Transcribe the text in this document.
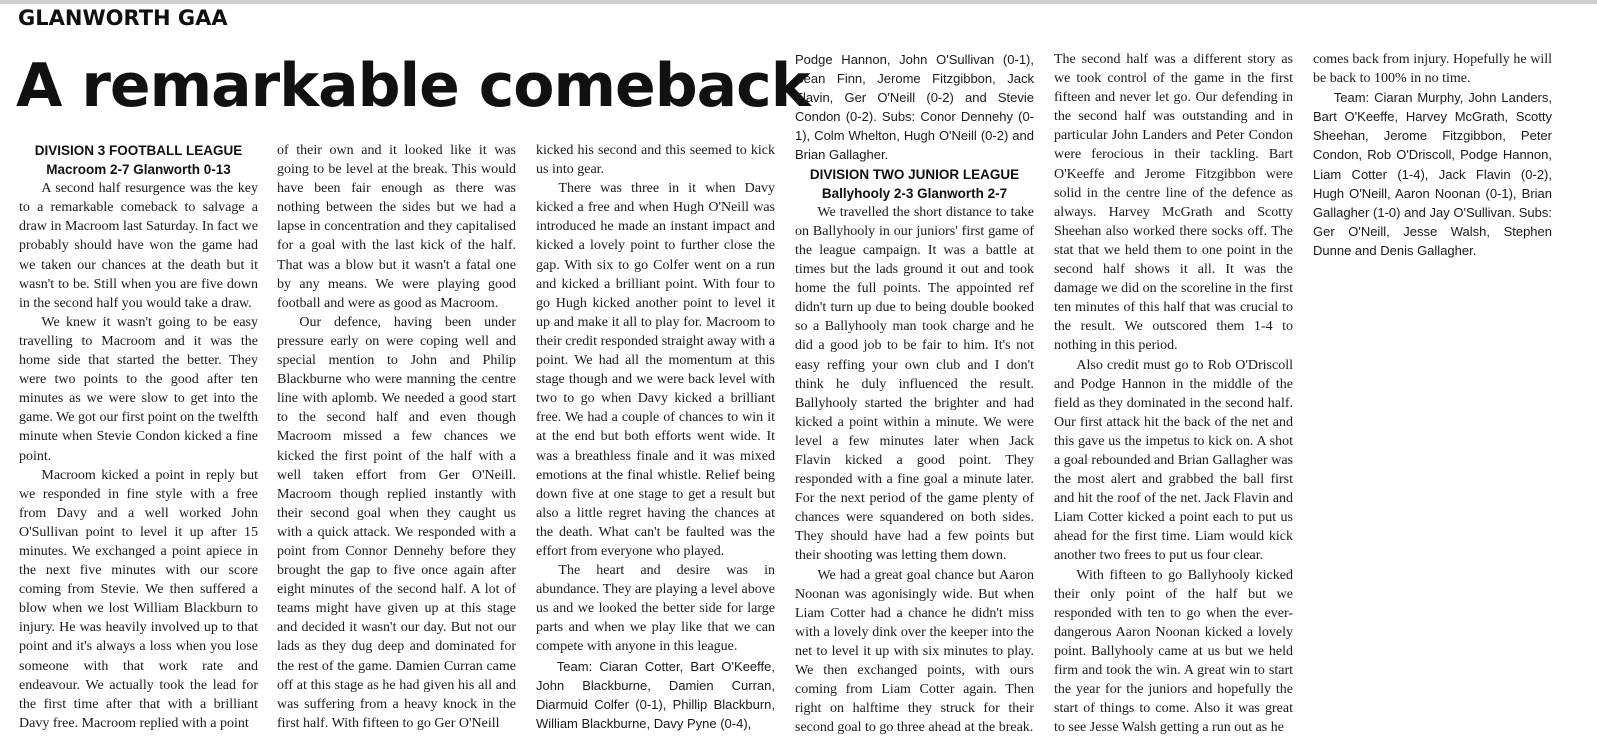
GLANWORTH GAA
A remarkable comeback
DIVISION 3 FOOTBALL LEAGUE
Macroom 2-7 Glanworth 0-13

A second half resurgence was the key to a remarkable comeback to salvage a draw in Macroom last Saturday. In fact we probably should have won the game had we taken our chances at the death but it wasn't to be. Still when you are five down in the second half you would take a draw.

We knew it wasn't going to be easy travelling to Macroom and it was the home side that started the better. They were two points to the good after ten minutes as we were slow to get into the game. We got our first point on the twelfth minute when Stevie Condon kicked a fine point.

Macroom kicked a point in reply but we responded in fine style with a free from Davy and a well worked John O'Sullivan point to level it up after 15 minutes. We exchanged a point apiece in the next five minutes with our score coming from Stevie. We then suffered a blow when we lost William Blackburn to injury. He was heavily involved up to that point and it's always a loss when you lose someone with that work rate and endeavour. We actually took the lead for the first time after that with a brilliant Davy free. Macroom replied with a point

of their own and it looked like it was going to be level at the break. This would have been fair enough as there was nothing between the sides but we had a lapse in concentration and they capitalised for a goal with the last kick of the half. That was a blow but it wasn't a fatal one by any means. We were playing good football and were as good as Macroom.

Our defence, having been under pressure early on were coping well and special mention to John and Philip Blackburne who were manning the centre line with aplomb. We needed a good start to the second half and even though Macroom missed a few chances we kicked the first point of the half with a well taken effort from Ger O'Neill. Macroom though replied instantly with their second goal when they caught us with a quick attack. We responded with a point from Connor Dennehy before they brought the gap to five once again after eight minutes of the second half. A lot of teams might have given up at this stage and decided it wasn't our day. But not our lads as they dug deep and dominated for the rest of the game. Damien Curran came off at this stage as he had given his all and was suffering from a heavy knock in the first half. With fifteen to go Ger O'Neill

kicked his second and this seemed to kick us into gear.

There was three in it when Davy kicked a free and when Hugh O'Neill was introduced he made an instant impact and kicked a lovely point to further close the gap. With six to go Colfer went on a run and kicked a brilliant point. With four to go Hugh kicked another point to level it up and make it all to play for. Macroom to their credit responded straight away with a point. We had all the momentum at this stage though and we were back level with two to go when Davy kicked a brilliant free. We had a couple of chances to win it at the end but both efforts went wide. It was a breathless finale and it was mixed emotions at the final whistle. Relief being down five at one stage to get a result but also a little regret having the chances at the death. What can't be faulted was the effort from everyone who played.

The heart and desire was in abundance. They are playing a level above us and we looked the better side for large parts and when we play like that we can compete with anyone in this league.

Team: Ciaran Cotter, Bart O'Keeffe, John Blackburne, Damien Curran, Diarmuid Colfer (0-1), Phillip Blackburn, William Blackburne, Davy Pyne (0-4),

Podge Hannon, John O'Sullivan (0-1), Sean Finn, Jerome Fitzgibbon, Jack Flavin, Ger O'Neill (0-2) and Stevie Condon (0-2). Subs: Conor Dennehy (0-1), Colm Whelton, Hugh O'Neill (0-2) and Brian Gallagher.

DIVISION TWO JUNIOR LEAGUE
Ballyhooly 2-3 Glanworth 2-7

We travelled the short distance to take on Ballyhooly in our juniors' first game of the league campaign. It was a battle at times but the lads ground it out and took home the full points. The appointed ref didn't turn up due to being double booked so a Ballyhooly man took charge and he did a good job to be fair to him. It's not easy reffing your own club and I don't think he duly influenced the result. Ballyhooly started the brighter and had kicked a point within a minute. We were level a few minutes later when Jack Flavin kicked a good point. They responded with a fine goal a minute later. For the next period of the game plenty of chances were squandered on both sides. They should have had a few points but their shooting was letting them down.

We had a great goal chance but Aaron Noonan was agonisingly wide. But when Liam Cotter had a chance he didn't miss with a lovely dink over the keeper into the net to level it up with six minutes to play. We then exchanged points, with ours coming from Liam Cotter again. Then right on halftime they struck for their second goal to go three ahead at the break.

The second half was a different story as we took control of the game in the first fifteen and never let go. Our defending in the second half was outstanding and in particular John Landers and Peter Condon were ferocious in their tackling. Bart O'Keeffe and Jerome Fitzgibbon were solid in the centre line of the defence as always. Harvey McGrath and Scotty Sheehan also worked there socks off. The stat that we held them to one point in the second half shows it all. It was the damage we did on the scoreline in the first ten minutes of this half that was crucial to the result. We outscored them 1-4 to nothing in this period.

Also credit must go to Rob O'Driscoll and Podge Hannon in the middle of the field as they dominated in the second half. Our first attack hit the back of the net and this gave us the impetus to kick on. A shot a goal rebounded and Brian Gallagher was the most alert and grabbed the ball first and hit the roof of the net. Jack Flavin and Liam Cotter kicked a point each to put us ahead for the first time. Liam would kick another two frees to put us four clear.

With fifteen to go Ballyhooly kicked their only point of the half but we responded with ten to go when the ever-dangerous Aaron Noonan kicked a lovely point. Ballyhooly came at us but we held firm and took the win. A great win to start the year for the juniors and hopefully the start of things to come. Also it was great to see Jesse Walsh getting a run out as he

comes back from injury. Hopefully he will be back to 100% in no time.

Team: Ciaran Murphy, John Landers, Bart O'Keeffe, Harvey McGrath, Scotty Sheehan, Jerome Fitzgibbon, Peter Condon, Rob O'Driscoll, Podge Hannon, Liam Cotter (1-4), Jack Flavin (0-2), Hugh O'Neill, Aaron Noonan (0-1), Brian Gallagher (1-0) and Jay O'Sullivan. Subs: Ger O'Neill, Jesse Walsh, Stephen Dunne and Denis Gallagher.
